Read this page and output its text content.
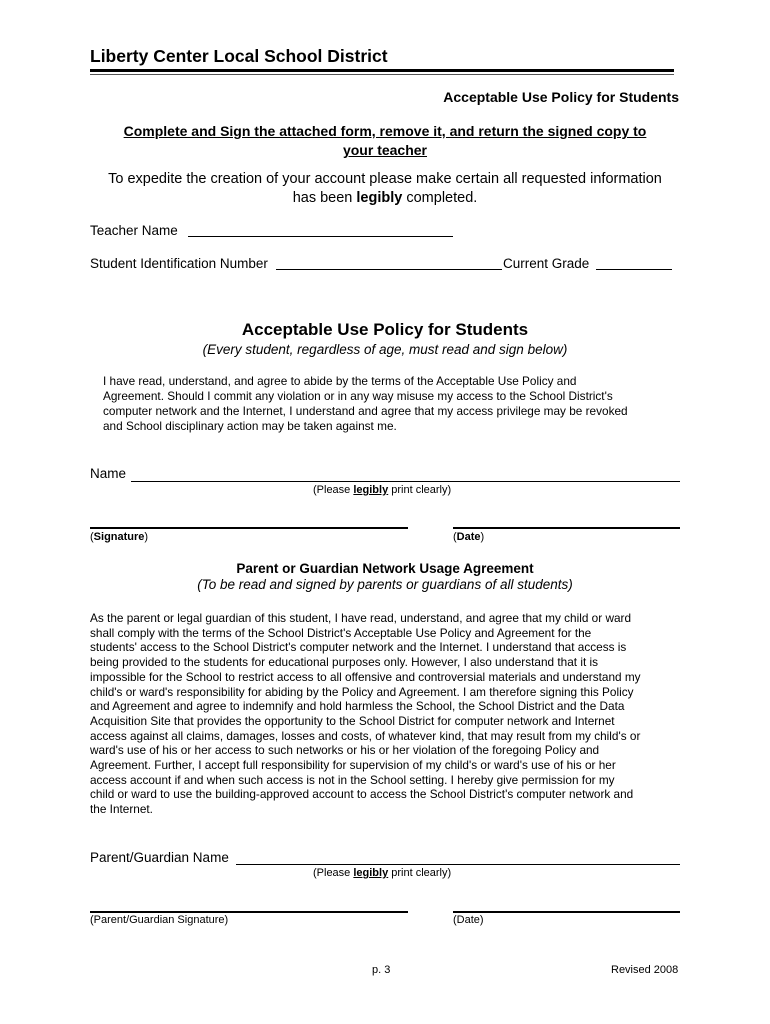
Liberty Center Local School District
Acceptable Use Policy for Students
Complete and Sign the attached form, remove it, and return the signed copy to
your teacher
To expedite the creation of your account please make certain all requested information
has been legibly completed.
Teacher Name
Student Identification Number	Current Grade
Acceptable Use Policy for Students
(Every student, regardless of age, must read and sign below)
I have read, understand, and agree to abide by the terms of the Acceptable Use Policy and
Agreement. Should I commit any violation or in any way misuse my access to the School District's
computer network and the Internet, I understand and agree that my access privilege may be revoked
and School disciplinary action may be taken against me.
Name
(Please legibly print clearly)
(Signature)	(Date)
Parent or Guardian Network Usage Agreement
(To be read and signed by parents or guardians of all students)
As the parent or legal guardian of this student, I have read, understand, and agree that my child or ward
shall comply with the terms of the School District's Acceptable Use Policy and Agreement for the
students' access to the School District's computer network and the Internet. I understand that access is
being provided to the students for educational purposes only. However, I also understand that it is
impossible for the School to restrict access to all offensive and controversial materials and understand my
child's or ward's responsibility for abiding by the Policy and Agreement. I am therefore signing this Policy
and Agreement and agree to indemnify and hold harmless the School, the School District and the Data
Acquisition Site that provides the opportunity to the School District for computer network and Internet
access against all claims, damages, losses and costs, of whatever kind, that may result from my child's or
ward's use of his or her access to such networks or his or her violation of the foregoing Policy and
Agreement. Further, I accept full responsibility for supervision of my child's or ward's use of his or her
access account if and when such access is not in the School setting. I hereby give permission for my
child or ward to use the building-approved account to access the School District's computer network and
the Internet.
Parent/Guardian Name
(Please legibly print clearly)
(Parent/Guardian Signature)	(Date)
p. 3	Revised 2008
